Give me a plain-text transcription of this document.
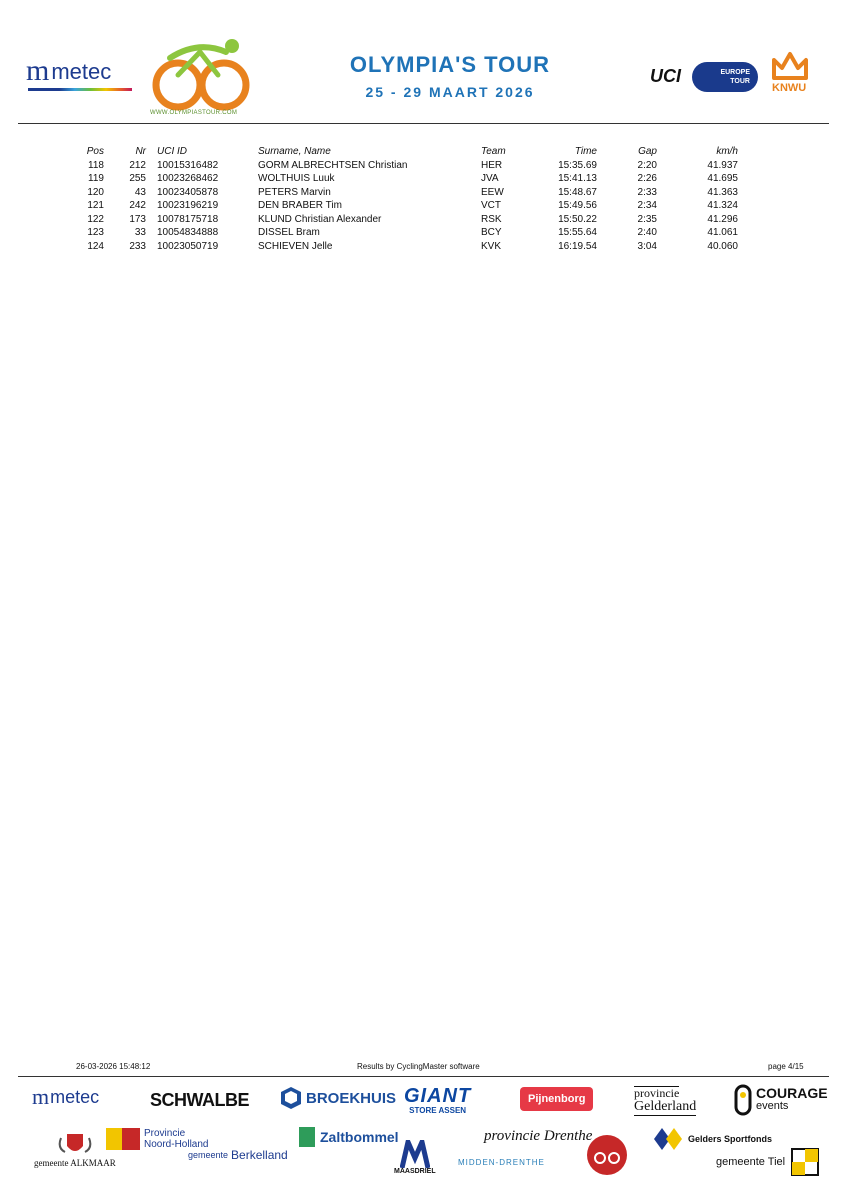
m metec
WWW.OLYMPIASTOUR.COM
OLYMPIA'S TOUR
25 - 29 MAART 2026
UCI	EUROPE
TOUR
KNWU
Pos	Nr UCI ID	Surname, Name	Team	Time	Gap	km/h
118	212 10015316482	GORM ALBRECHTSEN Christian	HER	15:35.69	2:20	41.937
119	255 10023268462	WOLTHUIS Luuk	JVA	15:41.13	2:26	41.695
120	43 10023405878	PETERS Marvin	EEW	15:48.67	2:33	41.363
121	242 10023196219	DEN BRABER Tim	VCT	15:49.56	2:34	41.324
122	173 10078175718	KLUND Christian Alexander	RSK	15:50.22	2:35	41.296
123	33 10054834888	DISSEL Bram	BCY	15:55.64	2:40	41.061
124	233 10023050719	SCHIEVEN Jelle	KVK	16:19.54	3:04	40.060
26-03-2026 15:48:12	Results by CyclingMaster software	page 4/15
m metec	SCHWALBE	BROEKHUIS GIANT
STORE ASSEN
Pijnenborg	provincie
Gelderland
COURAGE
events
gemeente ALKMAAR
Provincie
Noord-Holland
gemeente Berkelland
Zaltbommel
MAASDRIEL
provincie Drenthe
MIDDEN-DRENTHE
Gelders Sportfonds
gemeente Tiel
